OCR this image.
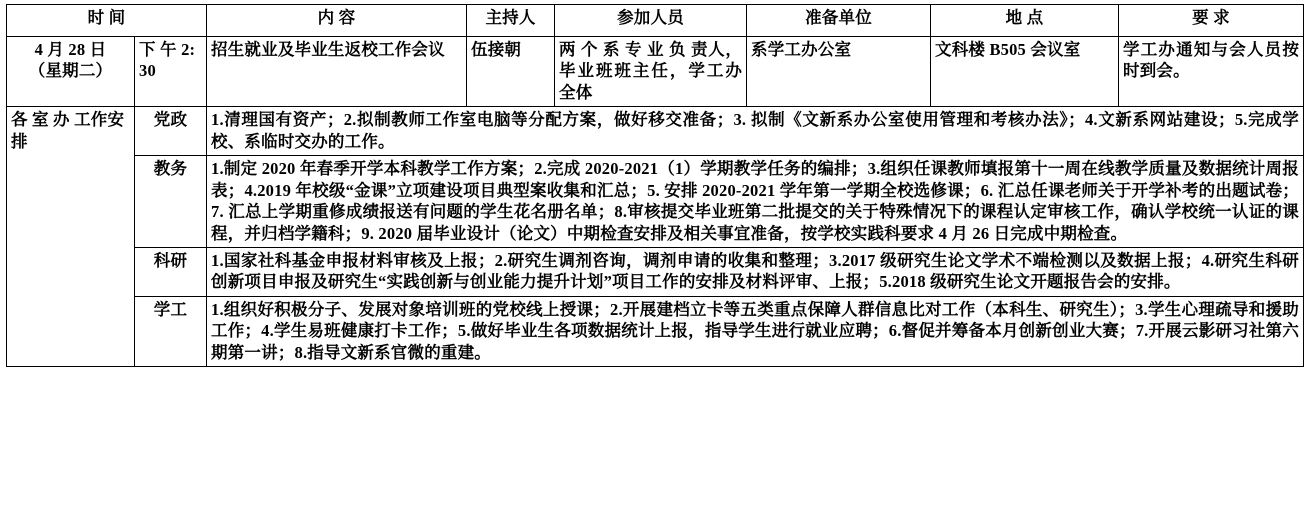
时 间		内 容	主持人	参加人员	准备单位	地 点	要 求

4 月 28 日
（星期二）	下 午 2:30	招生就业及毕业生返校工作会议	伍接朝	两 个 系 专 业 负 责人，毕业班班主任，学工办全体	系学工办公室	文科楼 B505 会议室	学工办通知与会人员按时到会。
各 室 办 工作安排	党政	1.清理国有资产；2.拟制教师工作室电脑等分配方案，做好移交准备；3. 拟制《文新系办公室使用管理和考核办法》；4.文新系网站建设；5.完成学校、系临时交办的工作。					
	教务	1.制定 2020 年春季开学本科教学工作方案；2.完成 2020-2021（1）学期教学任务的编排；3.组织任课教师填报第十一周在线教学质量及数据统计周报表；4.2019 年校级“金课”立项建设项目典型案收集和汇总；5. 安排 2020-2021 学年第一学期全校选修课；6. 汇总任课老师关于开学补考的出题试卷；7. 汇总上学期重修成绩报送有问题的学生花名册名单；8.审核提交毕业班第二批提交的关于特殊情况下的课程认定审核工作，确认学校统一认证的课程，并归档学籍科；9. 2020 届毕业设计（论文）中期检查安排及相关事宜准备，按学校实践科要求 4 月 26 日完成中期检查。					
	科研	1.国家社科基金申报材料审核及上报；2.研究生调剂咨询，调剂申请的收集和整理；3.2017 级研究生论文学术不端检测以及数据上报；4.研究生科研创新项目申报及研究生“实践创新与创业能力提升计划”项目工作的安排及材料评审、上报；5.2018 级研究生论文开题报告会的安排。					
	学工	1.组织好积极分子、发展对象培训班的党校线上授课；2.开展建档立卡等五类重点保障人群信息比对工作（本科生、研究生）；3.学生心理疏导和援助工作；4.学生易班健康打卡工作；5.做好毕业生各项数据统计上报，指导学生进行就业应聘；6.督促并筹备本月创新创业大赛；7.开展云影研习社第六期第一讲；8.指导文新系官微的重建。					
